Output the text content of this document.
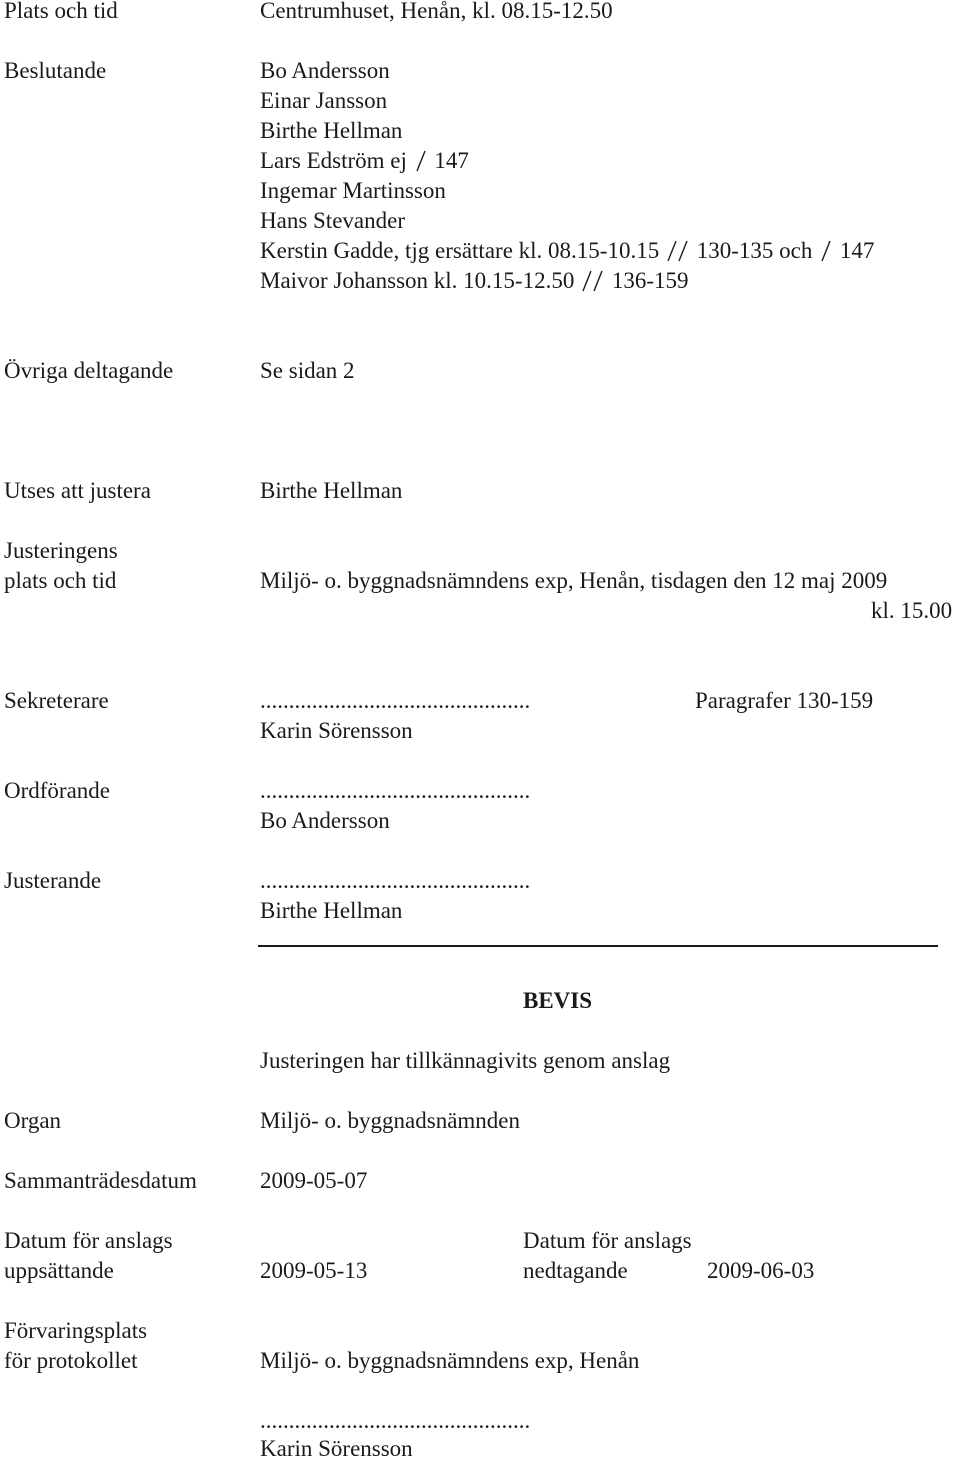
Plats och tid	Centrumhuset, Henån, kl. 08.15-12.50
Beslutande	Bo Andersson
Einar Jansson
Birthe Hellman
Lars Edström ej 147
Ingemar Martinsson
Hans Stevander
Kerstin Gadde, tjg ersättare kl. 08.15-10.15 130-135 och 147
Maivor Johansson kl. 10.15-12.50 136-159
Övriga deltagande	Se sidan 2
Utses att justera	Birthe Hellman
Justeringens
plats och tid	Miljö- o. byggnadsnämndens exp, Henån, tisdagen den 12 maj 2009
kl. 15.00
Sekreterare	...............................................	Paragrafer 130-159
Karin Sörensson
Ordförande	...............................................
Bo Andersson
Justerande	...............................................
Birthe Hellman
BEVIS
Justeringen har tillkännagivits genom anslag
Organ	Miljö- o. byggnadsnämnden
Sammanträdesdatum	2009-05-07
Datum för anslags
uppsättande	2009-05-13
Datum för anslags
nedtagande	2009-06-03
Förvaringsplats
för protokollet	Miljö- o. byggnadsnämndens exp, Henån
...............................................
Karin Sörensson
